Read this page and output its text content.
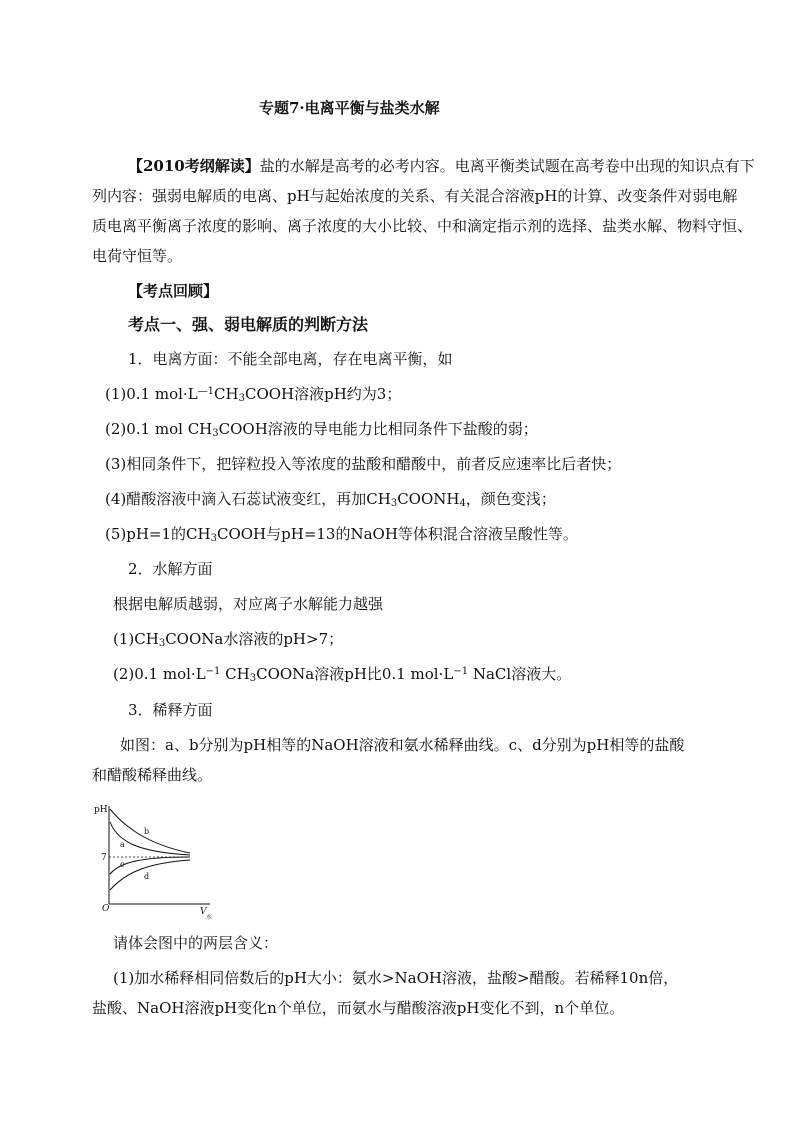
专题7·电离平衡与盐类水解
【2010考纲解读】盐的水解是高考的必考内容。电离平衡类试题在高考卷中出现的知识点有下
列内容：强弱电解质的电离、pH与起始浓度的关系、有关混合溶液pH的计算、改变条件对弱电解
质电离平衡离子浓度的影响、离子浓度的大小比较、中和滴定指示剂的选择、盐类水解、物料守恒、
电荷守恒等。
【考点回顾】
考点一、强、弱电解质的判断方法
1．电离方面：不能全部电离，存在电离平衡，如
(1)0.1 $mol\cdot L^{—1}CH_3COOH$溶液pH约为3；
(2)0.1 mol $CH_3COOH$溶液的导电能力比相同条件下盐酸的弱；
(3)相同条件下，把锌粒投入等浓度的盐酸和醋酸中，前者反应速率比后者快；
(4)醋酸溶液中滴入石蕊试液变红，再加$CH_3COONH_4$，颜色变浅；
(5)pH=1的$CH_3COOH$与pH=13的NaOH等体积混合溶液呈酸性等。
2．水解方面
根据电解质越弱，对应离子水解能力越强
$(1)CH_3COONa$水溶液的pH>7；
(2)0.1 $mol\cdot L^{-1}$ $CH_3COONa$溶液pH比0.1 $mol\cdot L^{-1}$ NaCl溶液大。
3．稀释方面
如图：a、b分别为pH相等的NaOH溶液和氨水稀释曲线。c、d分别为pH相等的盐酸
和醋酸稀释曲线。
pH
7
O	V
水
b
a
c
d
请体会图中的两层含义：
(1)加水稀释相同倍数后的pH大小：氨水>NaOH溶液，盐酸>醋酸。若稀释10n倍，
盐酸、NaOH溶液pH变化n个单位，而氨水与醋酸溶液pH变化不到，n个单位。
